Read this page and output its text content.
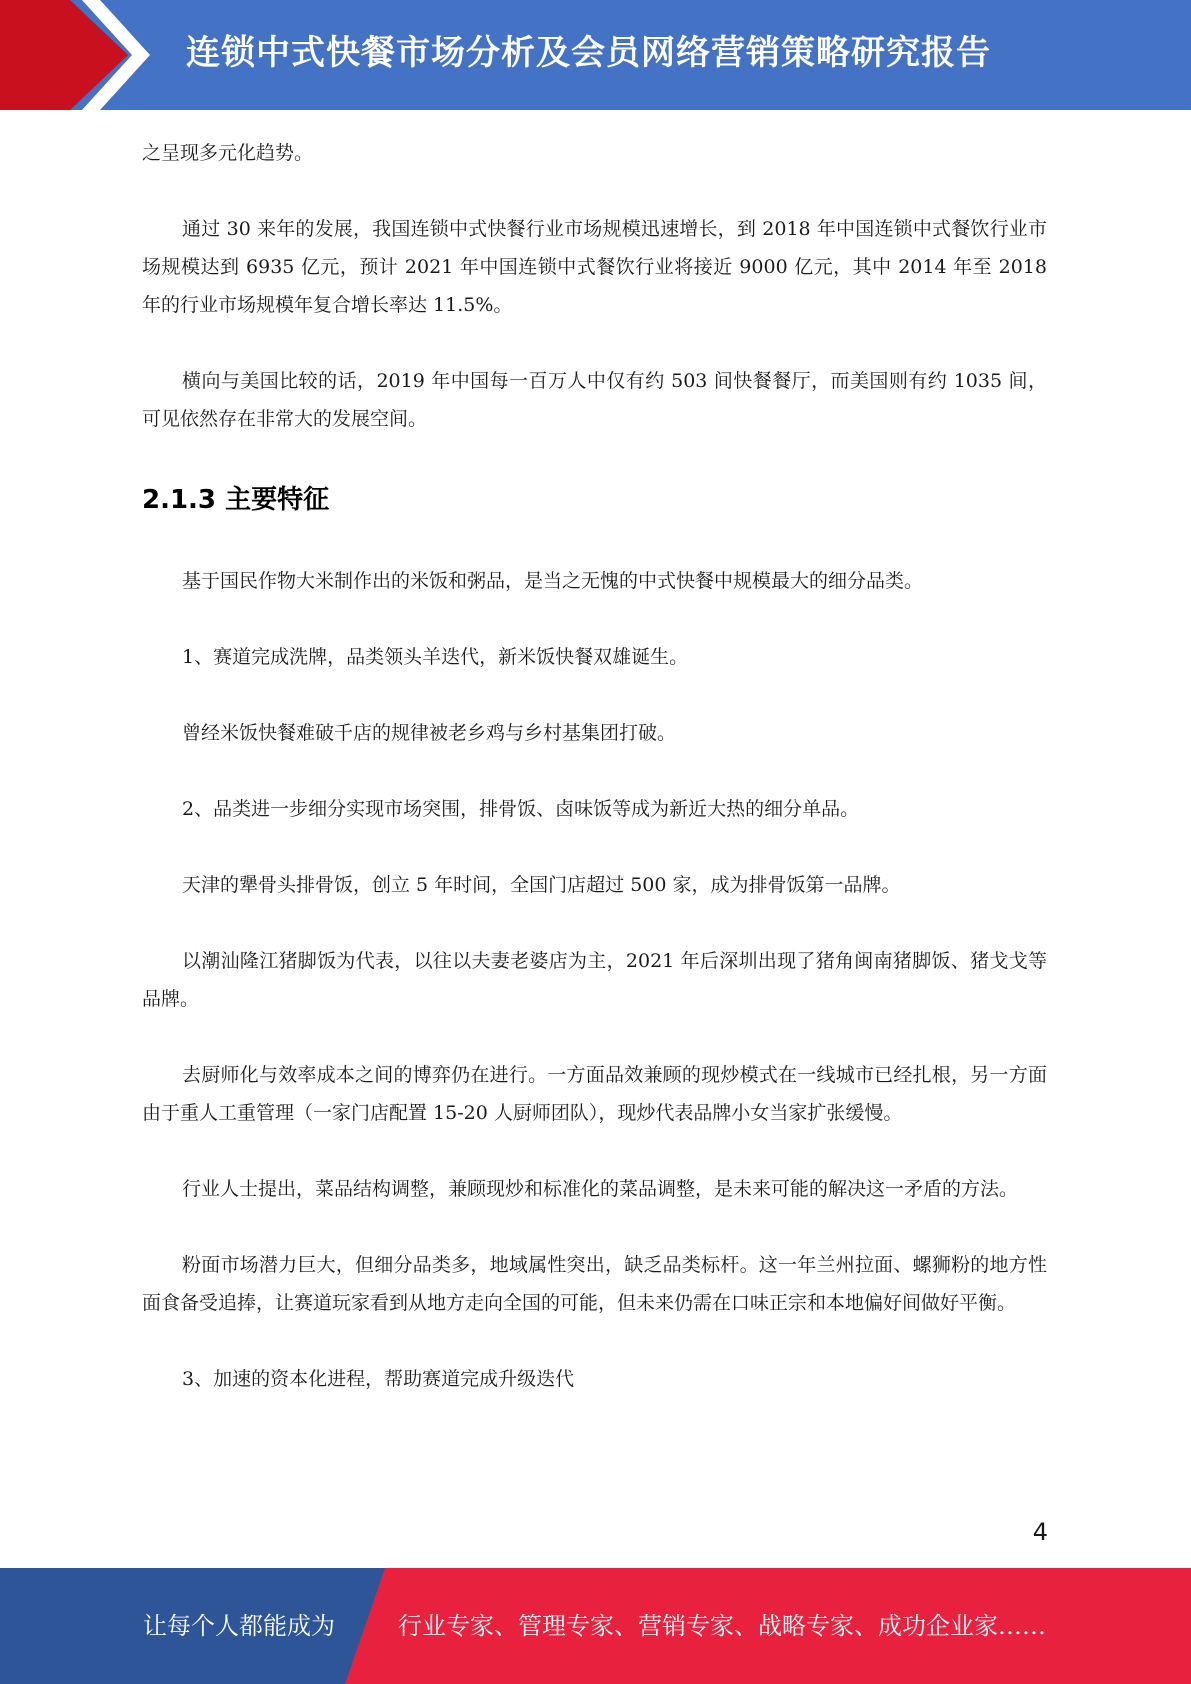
连锁中式快餐市场分析及会员网络营销策略研究报告

之呈现多元化趋势。

通过 30 来年的发展，我国连锁中式快餐行业市场规模迅速增长，到 2018 年中国连锁中式餐饮行业市场规模达到 6935 亿元，预计 2021 年中国连锁中式餐饮行业将接近 9000 亿元，其中 2014 年至 2018 年的行业市场规模年复合增长率达 11.5%。

横向与美国比较的话，2019 年中国每一百万人中仅有约 503 间快餐餐厅，而美国则有约 1035 间，可见依然存在非常大的发展空间。

2.1.3 主要特征

基于国民作物大米制作出的米饭和粥品，是当之无愧的中式快餐中规模最大的细分品类。

1、赛道完成洗牌，品类领头羊迭代，新米饭快餐双雄诞生。

曾经米饭快餐难破千店的规律被老乡鸡与乡村基集团打破。

2、品类进一步细分实现市场突围，排骨饭、卤味饭等成为新近大热的细分单品。

天津的犟骨头排骨饭，创立 5 年时间，全国门店超过 500 家，成为排骨饭第一品牌。

以潮汕隆江猪脚饭为代表，以往以夫妻老婆店为主，2021 年后深圳出现了猪角闽南猪脚饭、猪戈戈等品牌。

去厨师化与效率成本之间的博弈仍在进行。一方面品效兼顾的现炒模式在一线城市已经扎根，另一方面由于重人工重管理（一家门店配置 15-20 人厨师团队），现炒代表品牌小女当家扩张缓慢。

行业人士提出，菜品结构调整，兼顾现炒和标准化的菜品调整，是未来可能的解决这一矛盾的方法。

粉面市场潜力巨大，但细分品类多，地域属性突出，缺乏品类标杆。这一年兰州拉面、螺狮粉的地方性面食备受追捧，让赛道玩家看到从地方走向全国的可能，但未来仍需在口味正宗和本地偏好间做好平衡。

3、加速的资本化进程，帮助赛道完成升级迭代

4
让每个人都能成为	行业专家、管理专家、营销专家、战略专家、成功企业家……
